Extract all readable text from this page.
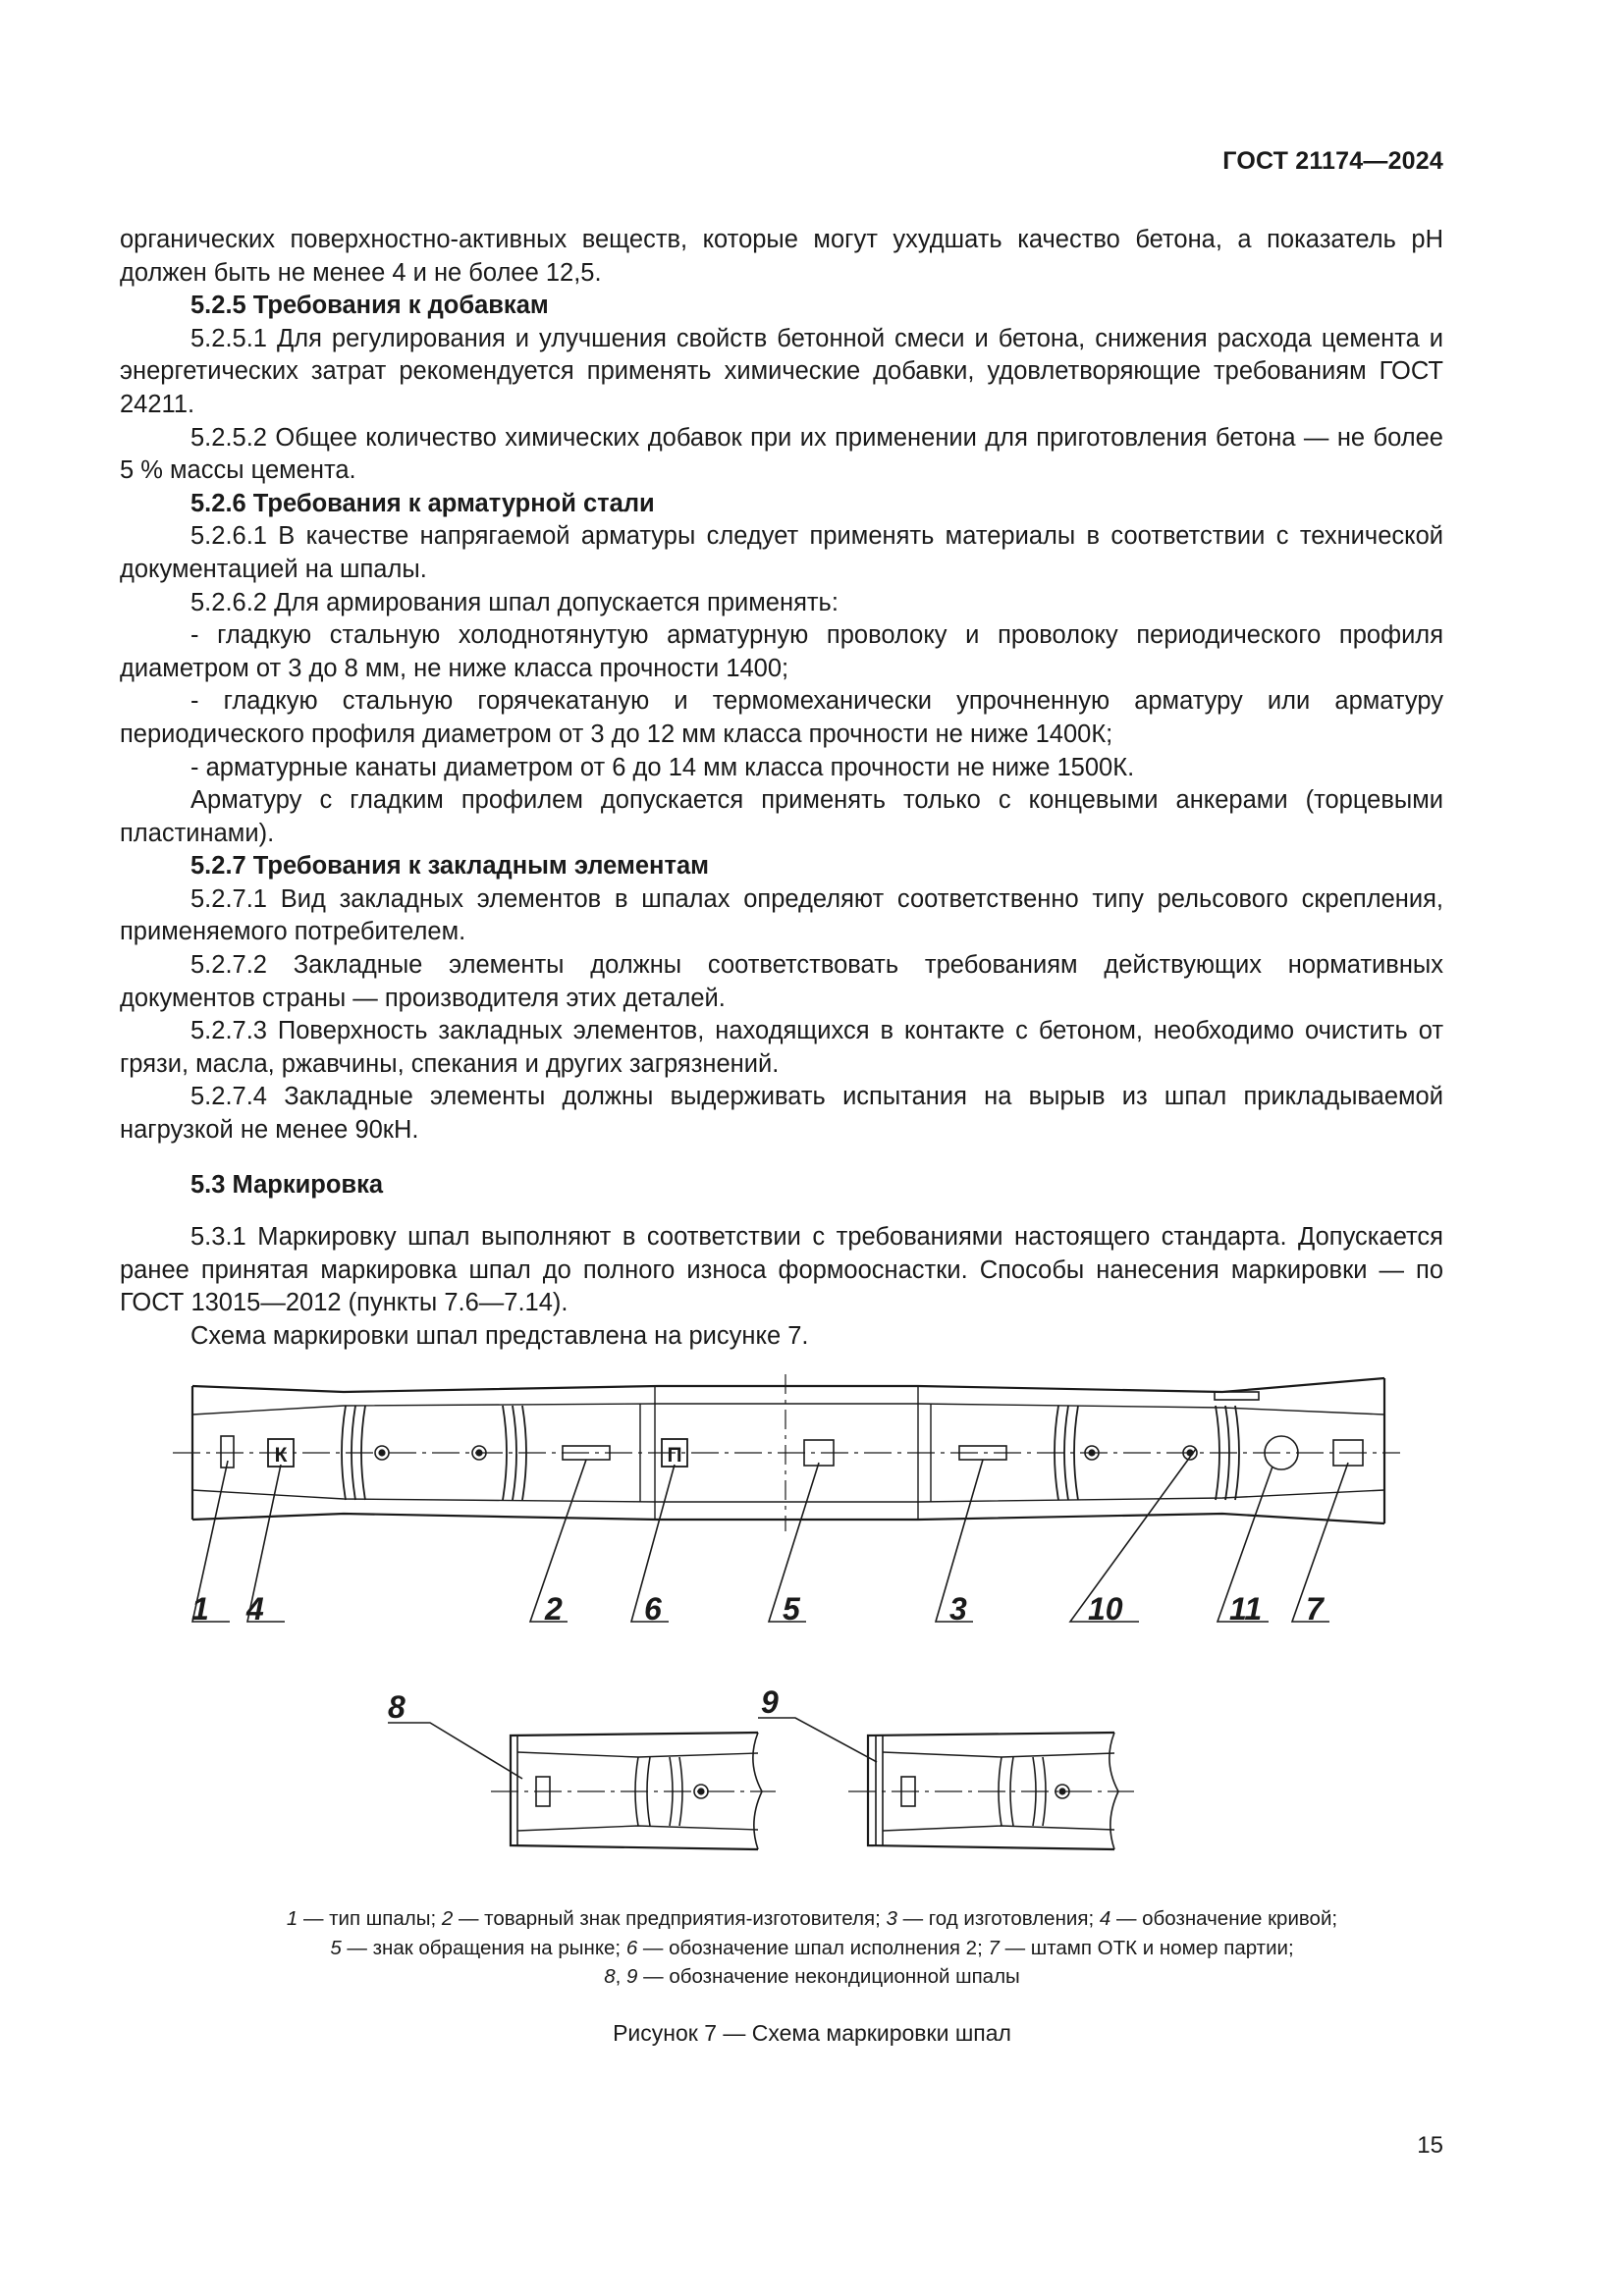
ГОСТ 21174—2024

органических поверхностно-активных веществ, которые могут ухудшать качество бетона, а показатель рН должен быть не менее 4 и не более 12,5.

5.2.5 Требования к добавкам

5.2.5.1 Для регулирования и улучшения свойств бетонной смеси и бетона, снижения расхода цемента и энергетических затрат рекомендуется применять химические добавки, удовлетворяющие требованиям ГОСТ 24211.

5.2.5.2 Общее количество химических добавок при их применении для приготовления бетона — не более 5 % массы цемента.

5.2.6 Требования к арматурной стали

5.2.6.1 В качестве напрягаемой арматуры следует применять материалы в соответствии с технической документацией на шпалы.

5.2.6.2 Для армирования шпал допускается применять:

- гладкую стальную холоднотянутую арматурную проволоку и проволоку периодического профиля диаметром от 3 до 8 мм, не ниже класса прочности 1400;

- гладкую стальную горячекатаную и термомеханически упрочненную арматуру или арматуру периодического профиля диаметром от 3 до 12 мм класса прочности не ниже 1400К;

- арматурные канаты диаметром от 6 до 14 мм класса прочности не ниже 1500К.

Арматуру с гладким профилем допускается применять только с концевыми анкерами (торцевыми пластинами).

5.2.7 Требования к закладным элементам

5.2.7.1 Вид закладных элементов в шпалах определяют соответственно типу рельсового скрепления, применяемого потребителем.

5.2.7.2 Закладные элементы должны соответствовать требованиям действующих нормативных документов страны — производителя этих деталей.

5.2.7.3 Поверхность закладных элементов, находящихся в контакте с бетоном, необходимо очистить от грязи, масла, ржавчины, спекания и других загрязнений.

5.2.7.4 Закладные элементы должны выдерживать испытания на вырыв из шпал прикладываемой нагрузкой не менее 90кН.

5.3 Маркировка

5.3.1 Маркировку шпал выполняют в соответствии с требованиями настоящего стандарта. Допускается ранее принятая маркировка шпал до полного износа формооснастки. Способы нанесения маркировки — по ГОСТ 13015—2012 (пункты 7.6—7.14).

Схема маркировки шпал представлена на рисунке 7.

К	П
1 4	2	6	5	3	10	11 7
8	9
1 — тип шпалы; 2 — товарный знак предприятия-изготовителя; 3 — год изготовления; 4 — обозначение кривой;
5 — знак обращения на рынке; 6 — обозначение шпал исполнения 2; 7 — штамп ОТК и номер партии;
8, 9 — обозначение некондиционной шпалы
Рисунок 7 — Схема маркировки шпал
15
